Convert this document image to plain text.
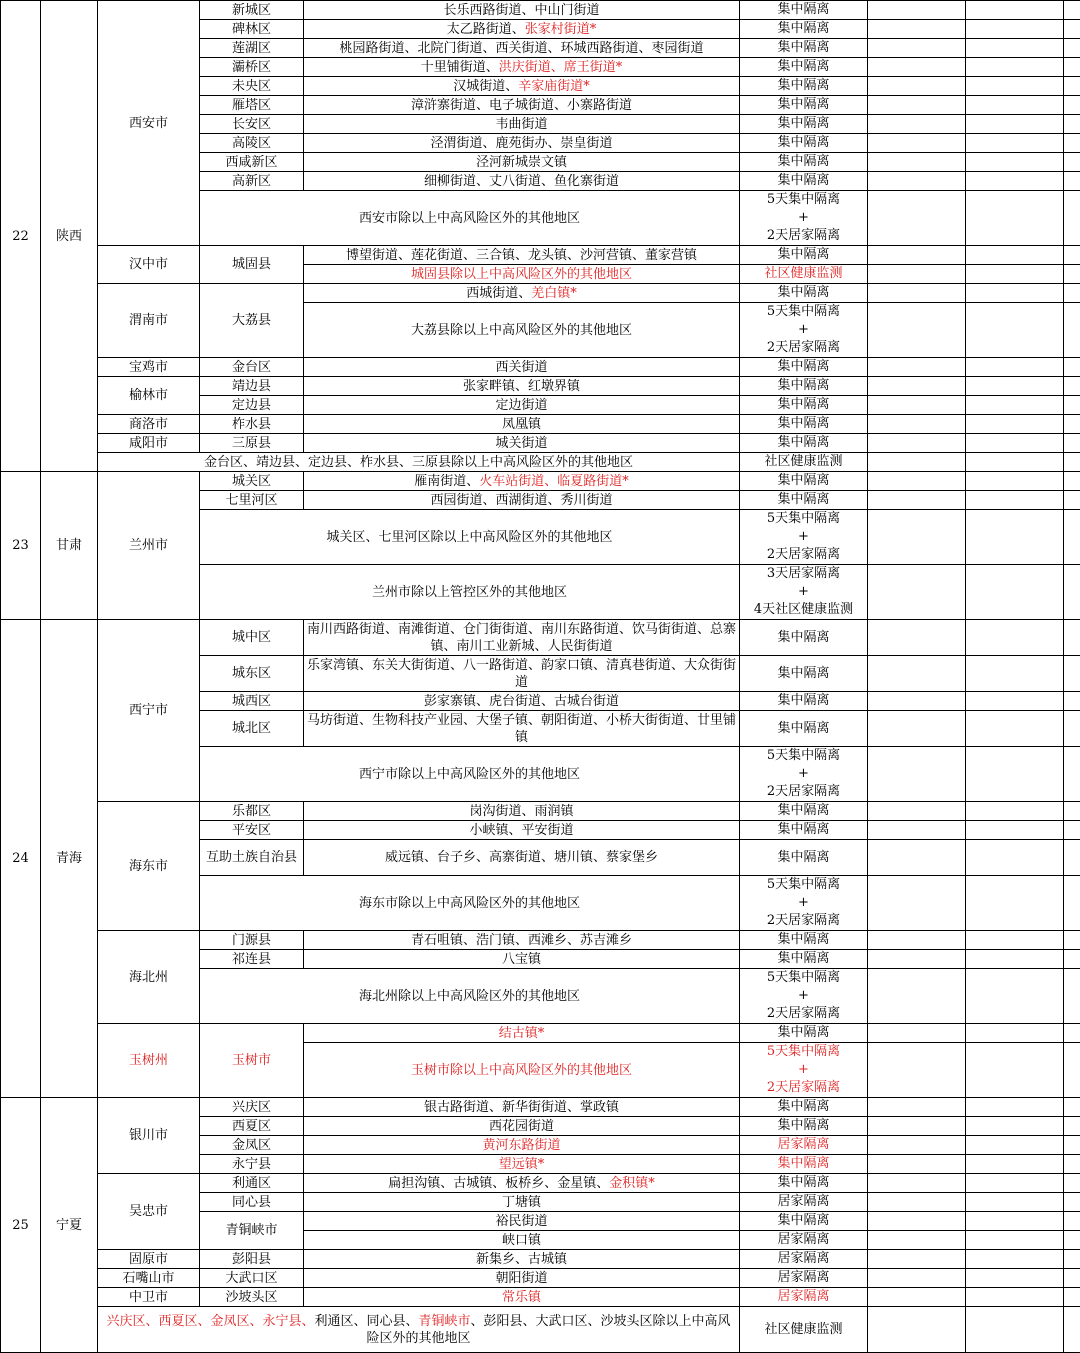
22	陕西	西安市	新城区	长乐西路街道、中山门街道	集中隔离			

			碑林区	太乙路街道、张家村街道*	集中隔离			

			莲湖区	桃园路街道、北院门街道、西关街道、环城西路街道、枣园街道	集中隔离			

			灞桥区	十里铺街道、洪庆街道、席王街道*	集中隔离			

			未央区	汉城街道、辛家庙街道*	集中隔离			

			雁塔区	漳浒寨街道、电子城街道、小寨路街道	集中隔离			

			长安区	韦曲街道	集中隔离			

			高陵区	泾渭街道、鹿苑街办、崇皇街道	集中隔离			

			西咸新区	泾河新城崇文镇	集中隔离			

			高新区	细柳街道、丈八街道、鱼化寨街道	集中隔离			

			西安市除以上中高风险区外的其他地区		5天集中隔离
+
2天居家隔离			

		汉中市	城固县	博望街道、莲花街道、三合镇、龙头镇、沙河营镇、董家营镇	集中隔离			

				城固县除以上中高风险区外的其他地区	社区健康监测			

		渭南市	大荔县	西城街道、羌白镇*	集中隔离			

				大荔县除以上中高风险区外的其他地区	5天集中隔离
+
2天居家隔离			

		宝鸡市	金台区	西关街道	集中隔离			

		榆林市	靖边县	张家畔镇、红墩界镇	集中隔离			

			定边县	定边街道	集中隔离			

		商洛市	柞水县	凤凰镇	集中隔离			

		咸阳市	三原县	城关街道	集中隔离			

		金台区、靖边县、定边县、柞水县、三原县除以上中高风险区外的其他地区			社区健康监测			

23	甘肃	兰州市	城关区	雁南街道、火车站街道、临夏路街道*	集中隔离			

			七里河区	西园街道、西湖街道、秀川街道	集中隔离			

			城关区、七里河区除以上中高风险区外的其他地区		5天集中隔离
+
2天居家隔离			

			兰州市除以上管控区外的其他地区		3天居家隔离
+
4天社区健康监测			

24	青海	西宁市	城中区	南川西路街道、南滩街道、仓门街街道、南川东路街道、饮马街街道、总寨镇、南川工业新城、人民街街道	集中隔离			

			城东区	乐家湾镇、东关大街街道、八一路街道、韵家口镇、清真巷街道、大众街街道	集中隔离			

			城西区	彭家寨镇、虎台街道、古城台街道	集中隔离			

			城北区	马坊街道、生物科技产业园、大堡子镇、朝阳街道、小桥大街街道、廿里铺镇	集中隔离			

			西宁市除以上中高风险区外的其他地区		5天集中隔离
+
2天居家隔离			

		海东市	乐都区	岗沟街道、雨润镇	集中隔离			

			平安区	小峡镇、平安街道	集中隔离			

			互助土族自治县	威远镇、台子乡、高寨街道、塘川镇、蔡家堡乡	集中隔离			

			海东市除以上中高风险区外的其他地区		5天集中隔离
+
2天居家隔离			

		海北州	门源县	青石咀镇、浩门镇、西滩乡、苏吉滩乡	集中隔离			

			祁连县	八宝镇	集中隔离			

			海北州除以上中高风险区外的其他地区		5天集中隔离
+
2天居家隔离			

		玉树州	玉树市	结古镇*	集中隔离			

				玉树市除以上中高风险区外的其他地区	5天集中隔离
+
2天居家隔离			

25	宁夏	银川市	兴庆区	银古路街道、新华街街道、掌政镇	集中隔离			

			西夏区	西花园街道	集中隔离			

			金凤区	黄河东路街道	居家隔离			

			永宁县	望远镇*	集中隔离			

		吴忠市	利通区	扁担沟镇、古城镇、板桥乡、金星镇、金积镇*	集中隔离			

			同心县	丁塘镇	居家隔离			

			青铜峡市	裕民街道	集中隔离			

				峡口镇	居家隔离			

		固原市	彭阳县	新集乡、古城镇	居家隔离			

		石嘴山市	大武口区	朝阳街道	居家隔离			

		中卫市	沙坡头区	常乐镇	居家隔离			

		兴庆区、西夏区、金凤区、永宁县、利通区、同心县、青铜峡市、彭阳县、大武口区、沙坡头区除以上中高风险区外的其他地区			社区健康监测			
